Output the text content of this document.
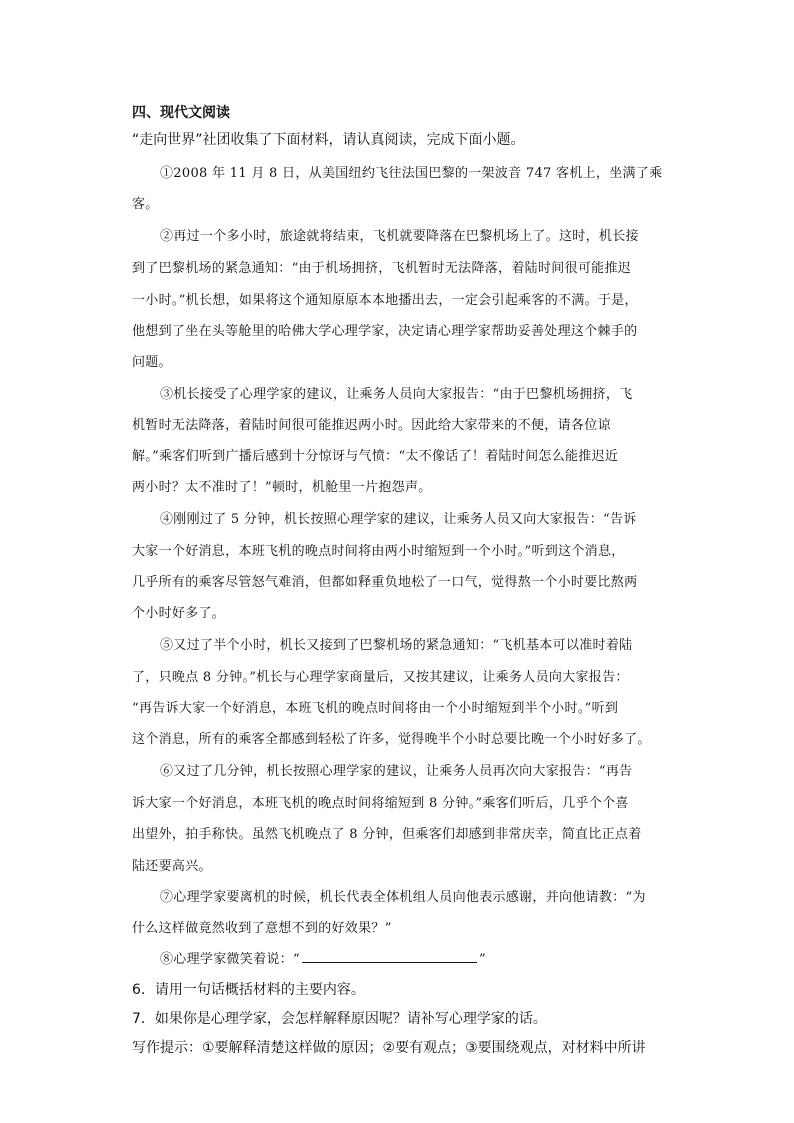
四、现代文阅读
“走向世界”社团收集了下面材料，请认真阅读，完成下面小题。
①2008 年 11 月 8 日，从美国纽约飞往法国巴黎的一架波音 747 客机上，坐满了乘
客。
②再过一个多小时，旅途就将结束，飞机就要降落在巴黎机场上了。这时，机长接
到了巴黎机场的紧急通知：“由于机场拥挤，飞机暂时无法降落，着陆时间很可能推迟
一小时。”机长想，如果将这个通知原原本本地播出去，一定会引起乘客的不满。于是，
他想到了坐在头等舱里的哈佛大学心理学家，决定请心理学家帮助妥善处理这个棘手的
问题。
③机长接受了心理学家的建议，让乘务人员向大家报告：“由于巴黎机场拥挤，飞
机暂时无法降落，着陆时间很可能推迟两小时。因此给大家带来的不便，请各位谅
解。”乘客们听到广播后感到十分惊讶与气愤：“太不像话了！着陆时间怎么能推迟近
两小时？太不准时了！”顿时，机舱里一片抱怨声。
④刚刚过了 5 分钟，机长按照心理学家的建议，让乘务人员又向大家报告：“告诉
大家一个好消息，本班飞机的晚点时间将由两小时缩短到一个小时。”听到这个消息，
几乎所有的乘客尽管怒气难消，但都如释重负地松了一口气，觉得熬一个小时要比熬两
个小时好多了。
⑤又过了半个小时，机长又接到了巴黎机场的紧急通知：“飞机基本可以准时着陆
了，只晚点 8 分钟。”机长与心理学家商量后，又按其建议，让乘务人员向大家报告：
“再告诉大家一个好消息，本班飞机的晚点时间将由一个小时缩短到半个小时。”听到
这个消息，所有的乘客全都感到轻松了许多，觉得晚半个小时总要比晚一个小时好多了。
⑥又过了几分钟，机长按照心理学家的建议，让乘务人员再次向大家报告：“再告
诉大家一个好消息，本班飞机的晚点时间将缩短到 8 分钟。”乘客们听后，几乎个个喜
出望外，拍手称快。虽然飞机晚点了 8 分钟，但乘客们却感到非常庆幸，简直比正点着
陆还要高兴。
⑦心理学家要离机的时候，机长代表全体机组人员向他表示感谢，并向他请教：“为
什么这样做竟然收到了意想不到的好效果？”
⑧心理学家微笑着说：“	”
6．请用一句话概括材料的主要内容。
7．如果你是心理学家，会怎样解释原因呢？请补写心理学家的话。
写作提示：①要解释清楚这样做的原因；②要有观点；③要围绕观点，对材料中所讲
